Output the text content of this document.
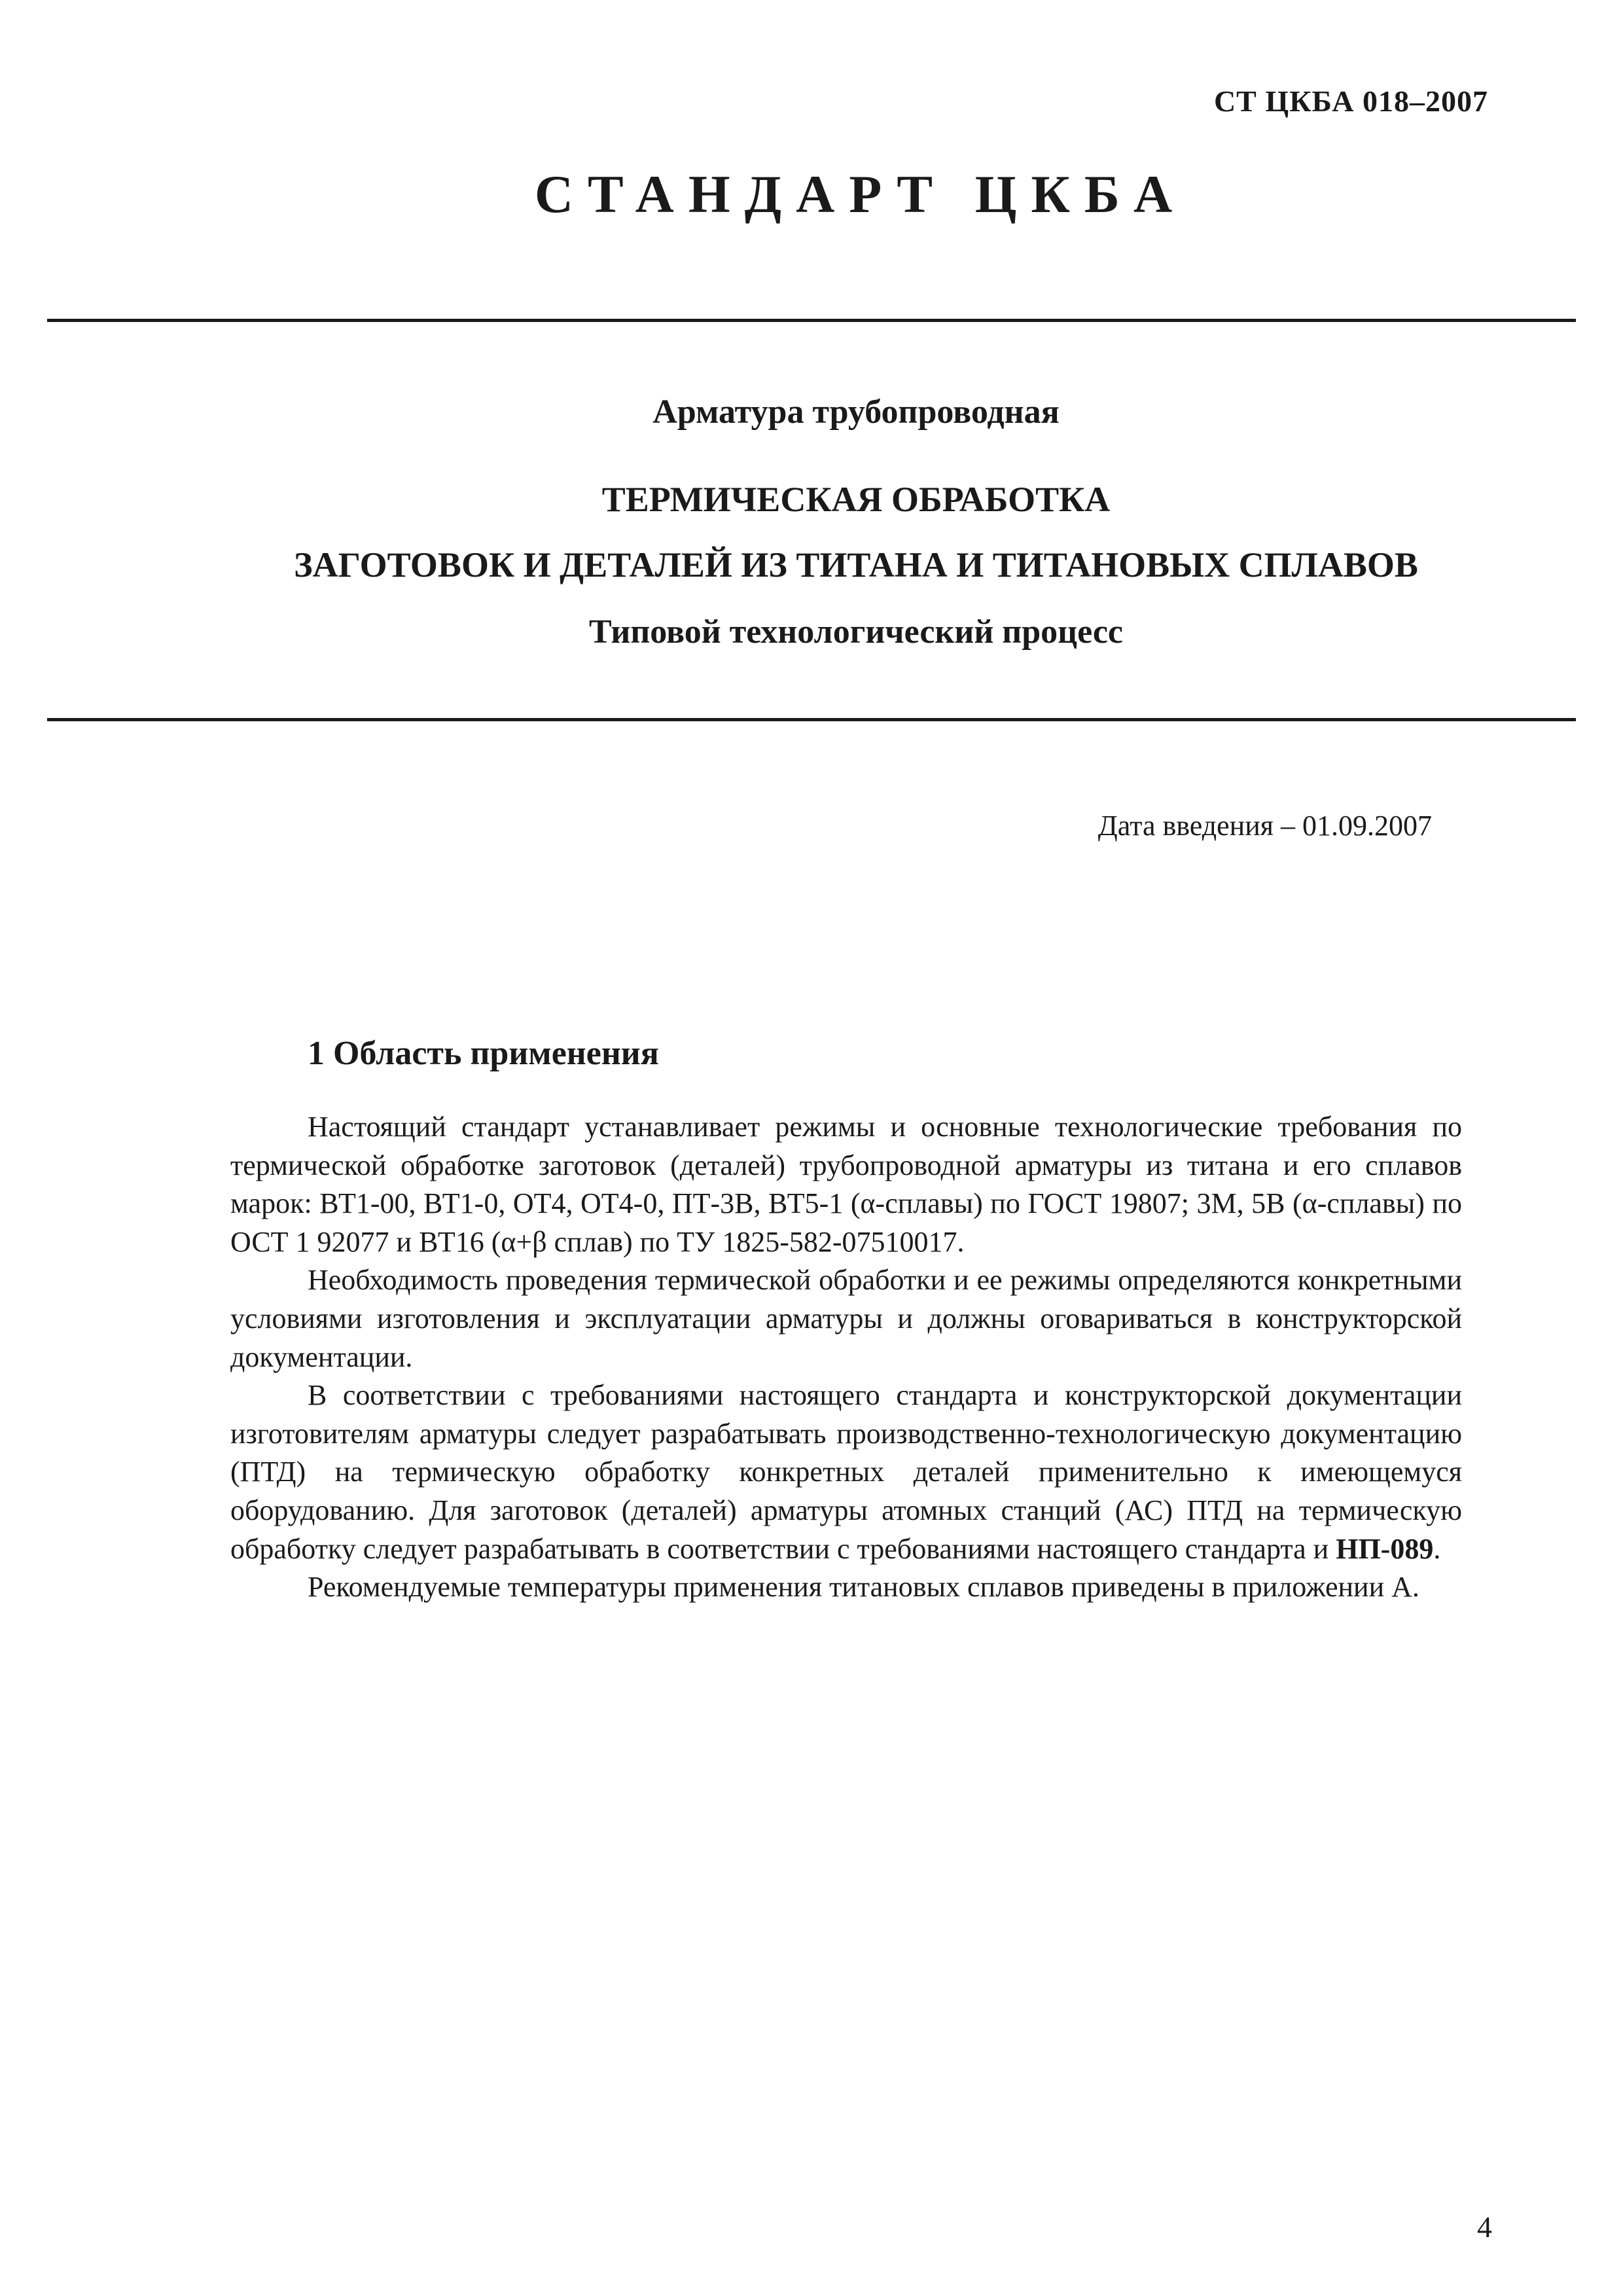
СТ ЦКБА 018–2007
СТАНДАРТ ЦКБА
Арматура трубопроводная
ТЕРМИЧЕСКАЯ ОБРАБОТКА
ЗАГОТОВОК И ДЕТАЛЕЙ ИЗ ТИТАНА И ТИТАНОВЫХ СПЛАВОВ
Типовой технологический процесс
Дата введения – 01.09.2007
1 Область применения

Настоящий стандарт устанавливает режимы и основные технологические требования по термической обработке заготовок (деталей) трубопроводной арматуры из титана и его сплавов марок: ВТ1-00, ВТ1-0, ОТ4, ОТ4-0, ПТ-3В, ВТ5-1 (α-сплавы) по ГОСТ 19807; 3М, 5В (α-сплавы) по ОСТ 1 92077 и ВТ16 (α+β сплав) по ТУ 1825-582-07510017.

Необходимость проведения термической обработки и ее режимы определяются конкретными условиями изготовления и эксплуатации арматуры и должны оговариваться в конструкторской документации.

В соответствии с требованиями настоящего стандарта и конструкторской документации изготовителям арматуры следует разрабатывать производственно-технологическую документацию (ПТД) на термическую обработку конкретных деталей применительно к имеющемуся оборудованию. Для заготовок (деталей) арматуры атомных станций (АС) ПТД на термическую обработку следует разрабатывать в соответствии с требованиями настоящего стандарта и НП-089.

Рекомендуемые температуры применения титановых сплавов приведены в приложении А.

4
